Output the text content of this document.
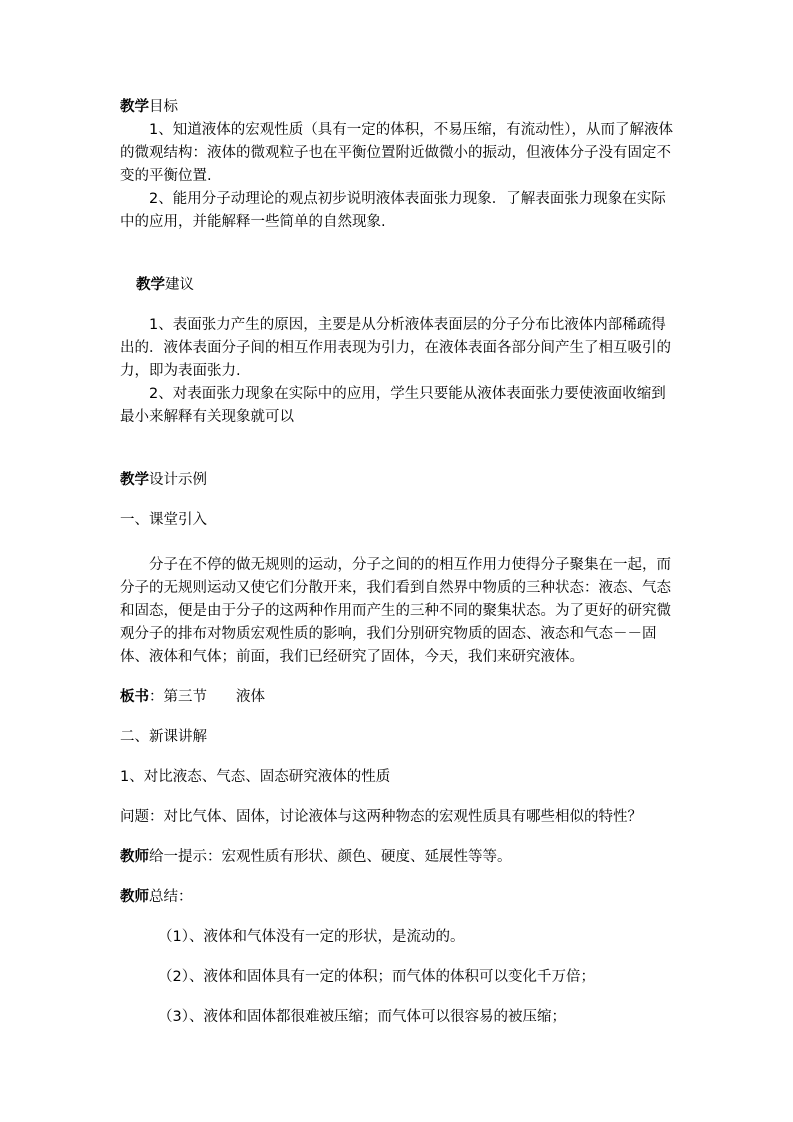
教学目标

1、知道液体的宏观性质（具有一定的体积，不易压缩，有流动性），从而了解液体的微观结构：液体的微观粒子也在平衡位置附近做微小的振动，但液体分子没有固定不变的平衡位置.

2、能用分子动理论的观点初步说明液体表面张力现象．了解表面张力现象在实际中的应用，并能解释一些简单的自然现象.

教学建议

1、表面张力产生的原因，主要是从分析液体表面层的分子分布比液体内部稀疏得出的．液体表面分子间的相互作用表现为引力，在液体表面各部分间产生了相互吸引的力，即为表面张力.

2、对表面张力现象在实际中的应用，学生只要能从液体表面张力要使液面收缩到最小来解释有关现象就可以

教学设计示例

一、课堂引入

分子在不停的做无规则的运动，分子之间的的相互作用力使得分子聚集在一起，而分子的无规则运动又使它们分散开来，我们看到自然界中物质的三种状态：液态、气态和固态，便是由于分子的这两种作用而产生的三种不同的聚集状态。为了更好的研究微观分子的排布对物质宏观性质的影响，我们分别研究物质的固态、液态和气态－－固体、液体和气体；前面，我们已经研究了固体，今天，我们来研究液体。

板书：第三节　　液体

二、新课讲解

1、对比液态、气态、固态研究液体的性质

问题：对比气体、固体，讨论液体与这两种物态的宏观性质具有哪些相似的特性？

教师给一提示：宏观性质有形状、颜色、硬度、延展性等等。

教师总结：

（1）、液体和气体没有一定的形状，是流动的。

（2）、液体和固体具有一定的体积；而气体的体积可以变化千万倍；

（3）、液体和固体都很难被压缩；而气体可以很容易的被压缩；
